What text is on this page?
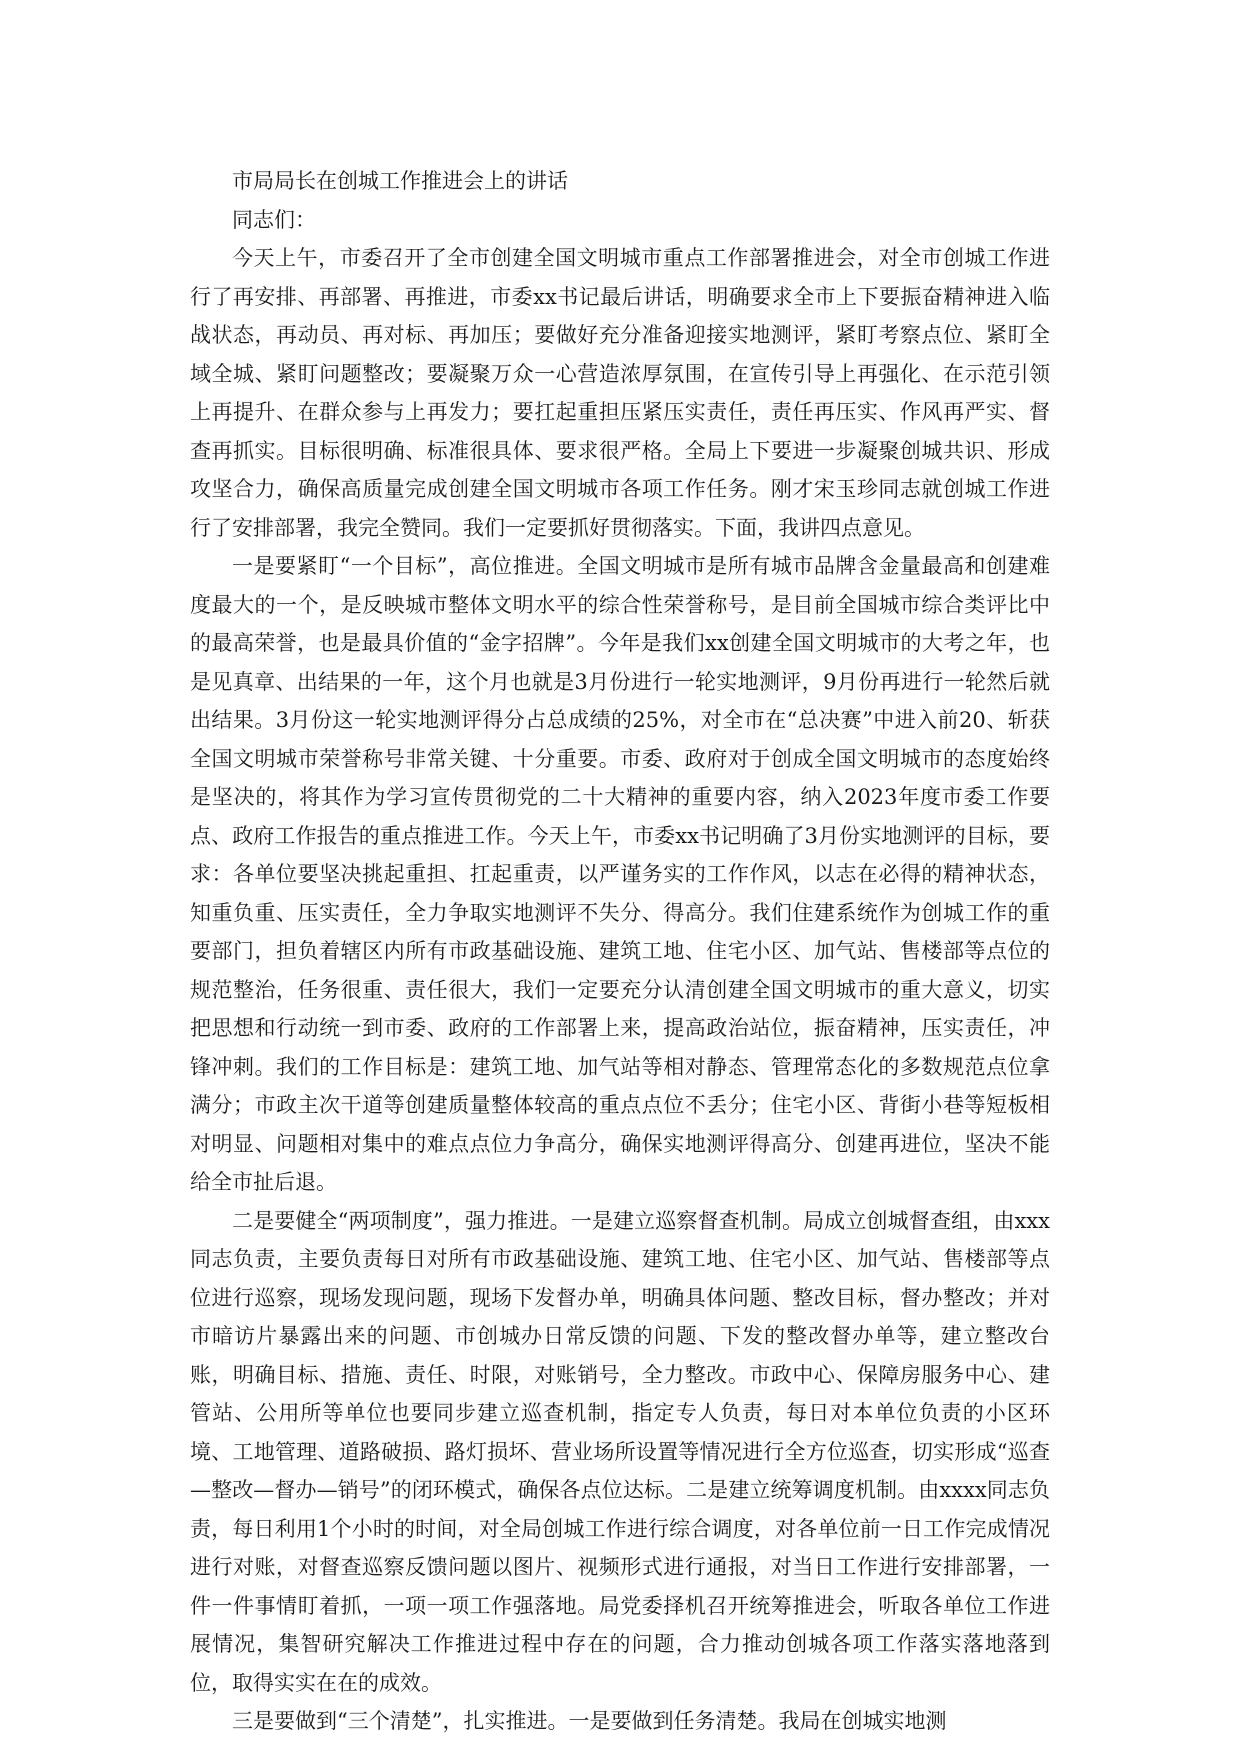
市局局长在创城工作推进会上的讲话

同志们：

今天上午，市委召开了全市创建全国文明城市重点工作部署推进会，对全市创城工作进行了再安排、再部署、再推进，市委xx书记最后讲话，明确要求全市上下要振奋精神进入临战状态，再动员、再对标、再加压；要做好充分准备迎接实地测评，紧盯考察点位、紧盯全域全城、紧盯问题整改；要凝聚万众一心营造浓厚氛围，在宣传引导上再强化、在示范引领上再提升、在群众参与上再发力；要扛起重担压紧压实责任，责任再压实、作风再严实、督查再抓实。目标很明确、标准很具体、要求很严格。全局上下要进一步凝聚创城共识、形成攻坚合力，确保高质量完成创建全国文明城市各项工作任务。刚才宋玉珍同志就创城工作进行了安排部署，我完全赞同。我们一定要抓好贯彻落实。下面，我讲四点意见。

一是要紧盯“一个目标”，高位推进。全国文明城市是所有城市品牌含金量最高和创建难度最大的一个，是反映城市整体文明水平的综合性荣誉称号，是目前全国城市综合类评比中的最高荣誉，也是最具价值的“金字招牌”。今年是我们xx创建全国文明城市的大考之年，也是见真章、出结果的一年，这个月也就是3月份进行一轮实地测评，9月份再进行一轮然后就出结果。3月份这一轮实地测评得分占总成绩的25%，对全市在“总决赛”中进入前20、斩获全国文明城市荣誉称号非常关键、十分重要。市委、政府对于创成全国文明城市的态度始终是坚决的，将其作为学习宣传贯彻党的二十大精神的重要内容，纳入2023年度市委工作要点、政府工作报告的重点推进工作。今天上午，市委xx书记明确了3月份实地测评的目标，要求：各单位要坚决挑起重担、扛起重责，以严谨务实的工作作风，以志在必得的精神状态，知重负重、压实责任，全力争取实地测评不失分、得高分。我们住建系统作为创城工作的重要部门，担负着辖区内所有市政基础设施、建筑工地、住宅小区、加气站、售楼部等点位的规范整治，任务很重、责任很大，我们一定要充分认清创建全国文明城市的重大意义，切实把思想和行动统一到市委、政府的工作部署上来，提高政治站位，振奋精神，压实责任，冲锋冲刺。我们的工作目标是：建筑工地、加气站等相对静态、管理常态化的多数规范点位拿满分；市政主次干道等创建质量整体较高的重点点位不丢分；住宅小区、背街小巷等短板相对明显、问题相对集中的难点点位力争高分，确保实地测评得高分、创建再进位，坚决不能给全市扯后退。

二是要健全“两项制度”，强力推进。一是建立巡察督查机制。局成立创城督查组，由xxx同志负责，主要负责每日对所有市政基础设施、建筑工地、住宅小区、加气站、售楼部等点位进行巡察，现场发现问题，现场下发督办单，明确具体问题、整改目标，督办整改；并对市暗访片暴露出来的问题、市创城办日常反馈的问题、下发的整改督办单等，建立整改台账，明确目标、措施、责任、时限，对账销号，全力整改。市政中心、保障房服务中心、建管站、公用所等单位也要同步建立巡查机制，指定专人负责，每日对本单位负责的小区环境、工地管理、道路破损、路灯损坏、营业场所设置等情况进行全方位巡查，切实形成“巡查—整改—督办—销号”的闭环模式，确保各点位达标。二是建立统筹调度机制。由xxxx同志负责，每日利用1个小时的时间，对全局创城工作进行综合调度，对各单位前一日工作完成情况进行对账，对督查巡察反馈问题以图片、视频形式进行通报，对当日工作进行安排部署，一件一件事情盯着抓，一项一项工作强落地。局党委择机召开统筹推进会，听取各单位工作进展情况，集智研究解决工作推进过程中存在的问题，合力推动创城各项工作落实落地落到位，取得实实在在的成效。

三是要做到“三个清楚”，扎实推进。一是要做到任务清楚。我局在创城实地测
